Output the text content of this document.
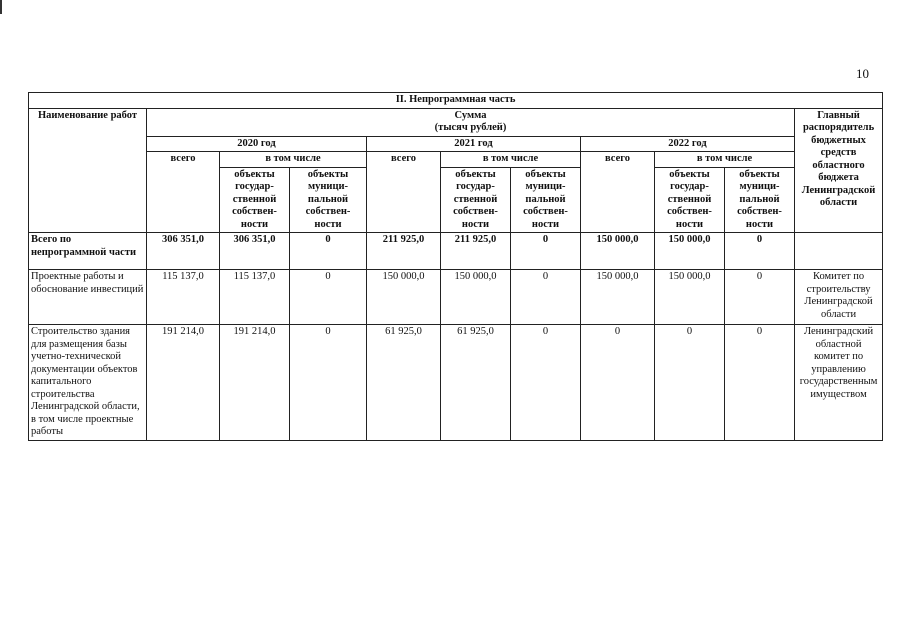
10
II. Непрограммная часть										
Наименование работ	Сумма
(тысяч рублей)									Главный распорядитель бюджетных средств областного бюджета Ленинградской области
	2020 год			2021 год			2022 год			
	всего	в том числе		всего	в том числе		всего	в том числе		
		объекты государ-ственной собствен-ности	объекты муници-пальной собствен-ности		объекты государ-ственной собствен-ности	объекты муници-пальной собствен-ности		объекты государ-ственной собствен-ности	объекты муници-пальной собствен-ности	
Всего по непрограммной части	306 351,0	306 351,0	0	211 925,0	211 925,0	0	150 000,0	150 000,0	0	
Проектные работы и обоснование инвестиций	115 137,0	115 137,0	0	150 000,0	150 000,0	0	150 000,0	150 000,0	0	Комитет по строительству Ленинградской области
Строительство здания для размещения базы учетно-технической документации объектов капитального строительства Ленинградской области, в том числе проектные работы	191 214,0	191 214,0	0	61 925,0	61 925,0	0	0	0	0	Ленинградский областной комитет по управлению государственным имуществом
